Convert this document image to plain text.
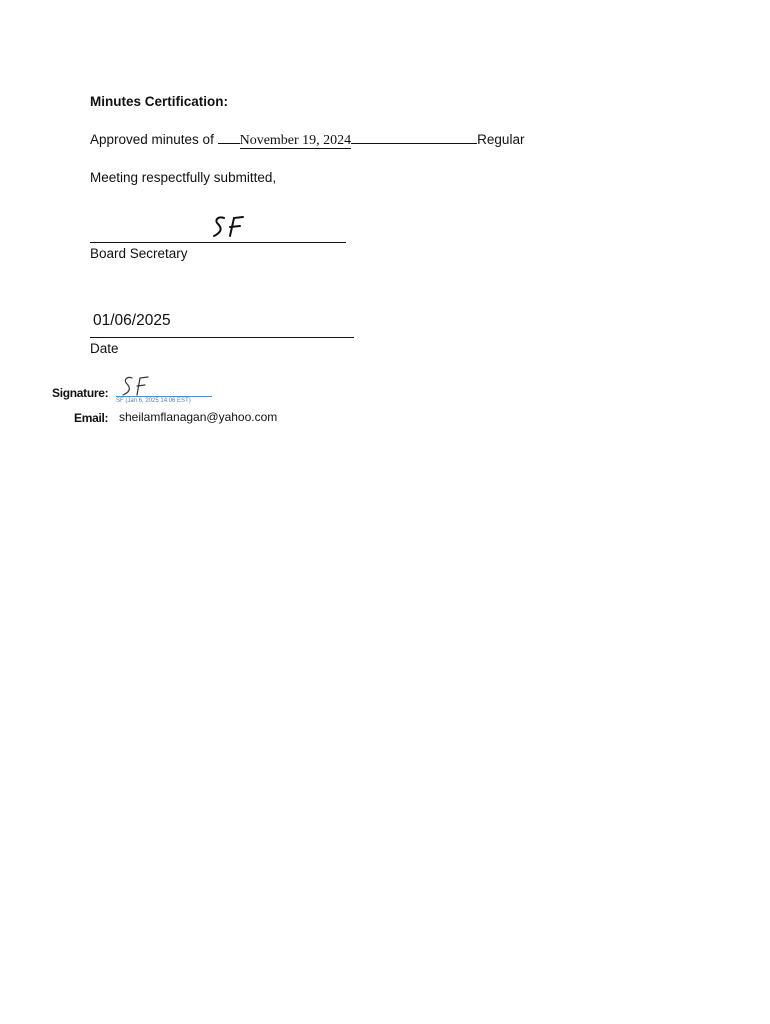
Minutes Certification:
Approved minutes of November 19, 2024	Regular
Meeting respectfully submitted,
Board Secretary
01/06/2025
Date
Signature:
SF (Jan 6, 2025 14:06 EST)
Email: sheilamflanagan@yahoo.com
